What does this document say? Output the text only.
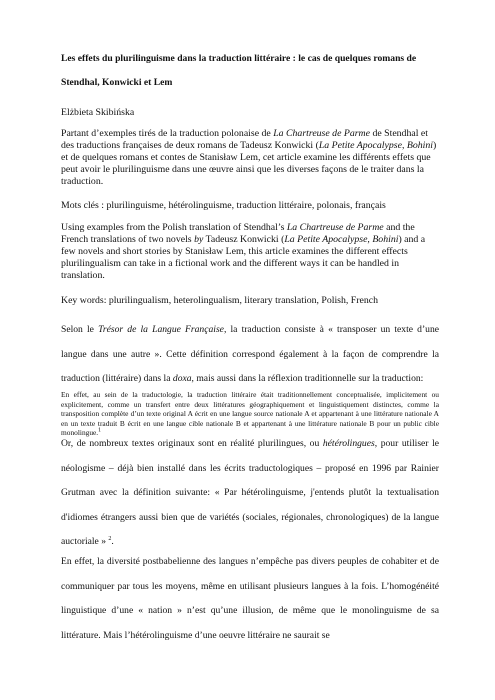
Les effets du plurilinguisme dans la traduction littéraire : le cas de quelques romans de Stendhal, Konwicki et Lem

Elżbieta Skibińska

Partant d’exemples tirés de la traduction polonaise de La Chartreuse de Parme de Stendhal et des traductions françaises de deux romans de Tadeusz Konwicki (La Petite Apocalypse, Bohini) et de quelques romans et contes de Stanisław Lem, cet article examine les différents effets que peut avoir le plurilinguisme dans une œuvre ainsi que les diverses façons de le traiter dans la traduction.

Mots clés : plurilinguisme, hétérolinguisme, traduction littéraire, polonais, français

Using examples from the Polish translation of Stendhal’s La Chartreuse de Parme and the French translations of two novels by Tadeusz Konwicki (La Petite Apocalypse, Bohini) and a few novels and short stories by Stanisław Lem, this article examines the different effects plurilingualism can take in a fictional work and the different ways it can be handled in translation.

Key words: plurilingualism, heterolingualism, literary translation, Polish, French

Selon le Trésor de la Langue Française, la traduction consiste à « transposer un texte d’une langue dans une autre ». Cette définition correspond également à la façon de comprendre la traduction (littéraire) dans la doxa, mais aussi dans la réflexion traditionnelle sur la traduction:

En effet, au sein de la traductologie, la traduction littéraire était traditionnellement conceptualisée, implicitement ou explicitement, comme un transfert entre deux littératures géographiquement et linguistiquement distinctes, comme la transposition complète d’un texte original A écrit en une langue source nationale A et appartenant à une littérature nationale A en un texte traduit B écrit en une langue cible nationale B et appartenant à une littérature nationale B pour un public cible monolingue.$^1$

Or, de nombreux textes originaux sont en réalité plurilingues, ou hétérolingues, pour utiliser le néologisme – déjà bien installé dans les écrits traductologiques – proposé en 1996 par Rainier Grutman avec la définition suivante: « Par hétérolinguisme, j'entends plutôt la textualisation d'idiomes étrangers aussi bien que de variétés (sociales, régionales, chronologiques) de la langue auctoriale » $^2$.

En effet, la diversité postbabelienne des langues n’empêche pas divers peuples de cohabiter et de communiquer par tous les moyens, même en utilisant plusieurs langues à la fois. L’homogénéité linguistique d’une « nation » n’est qu’une illusion, de même que le monolinguisme de sa littérature. Mais l’hétérolinguisme d’une oeuvre littéraire ne saurait se
